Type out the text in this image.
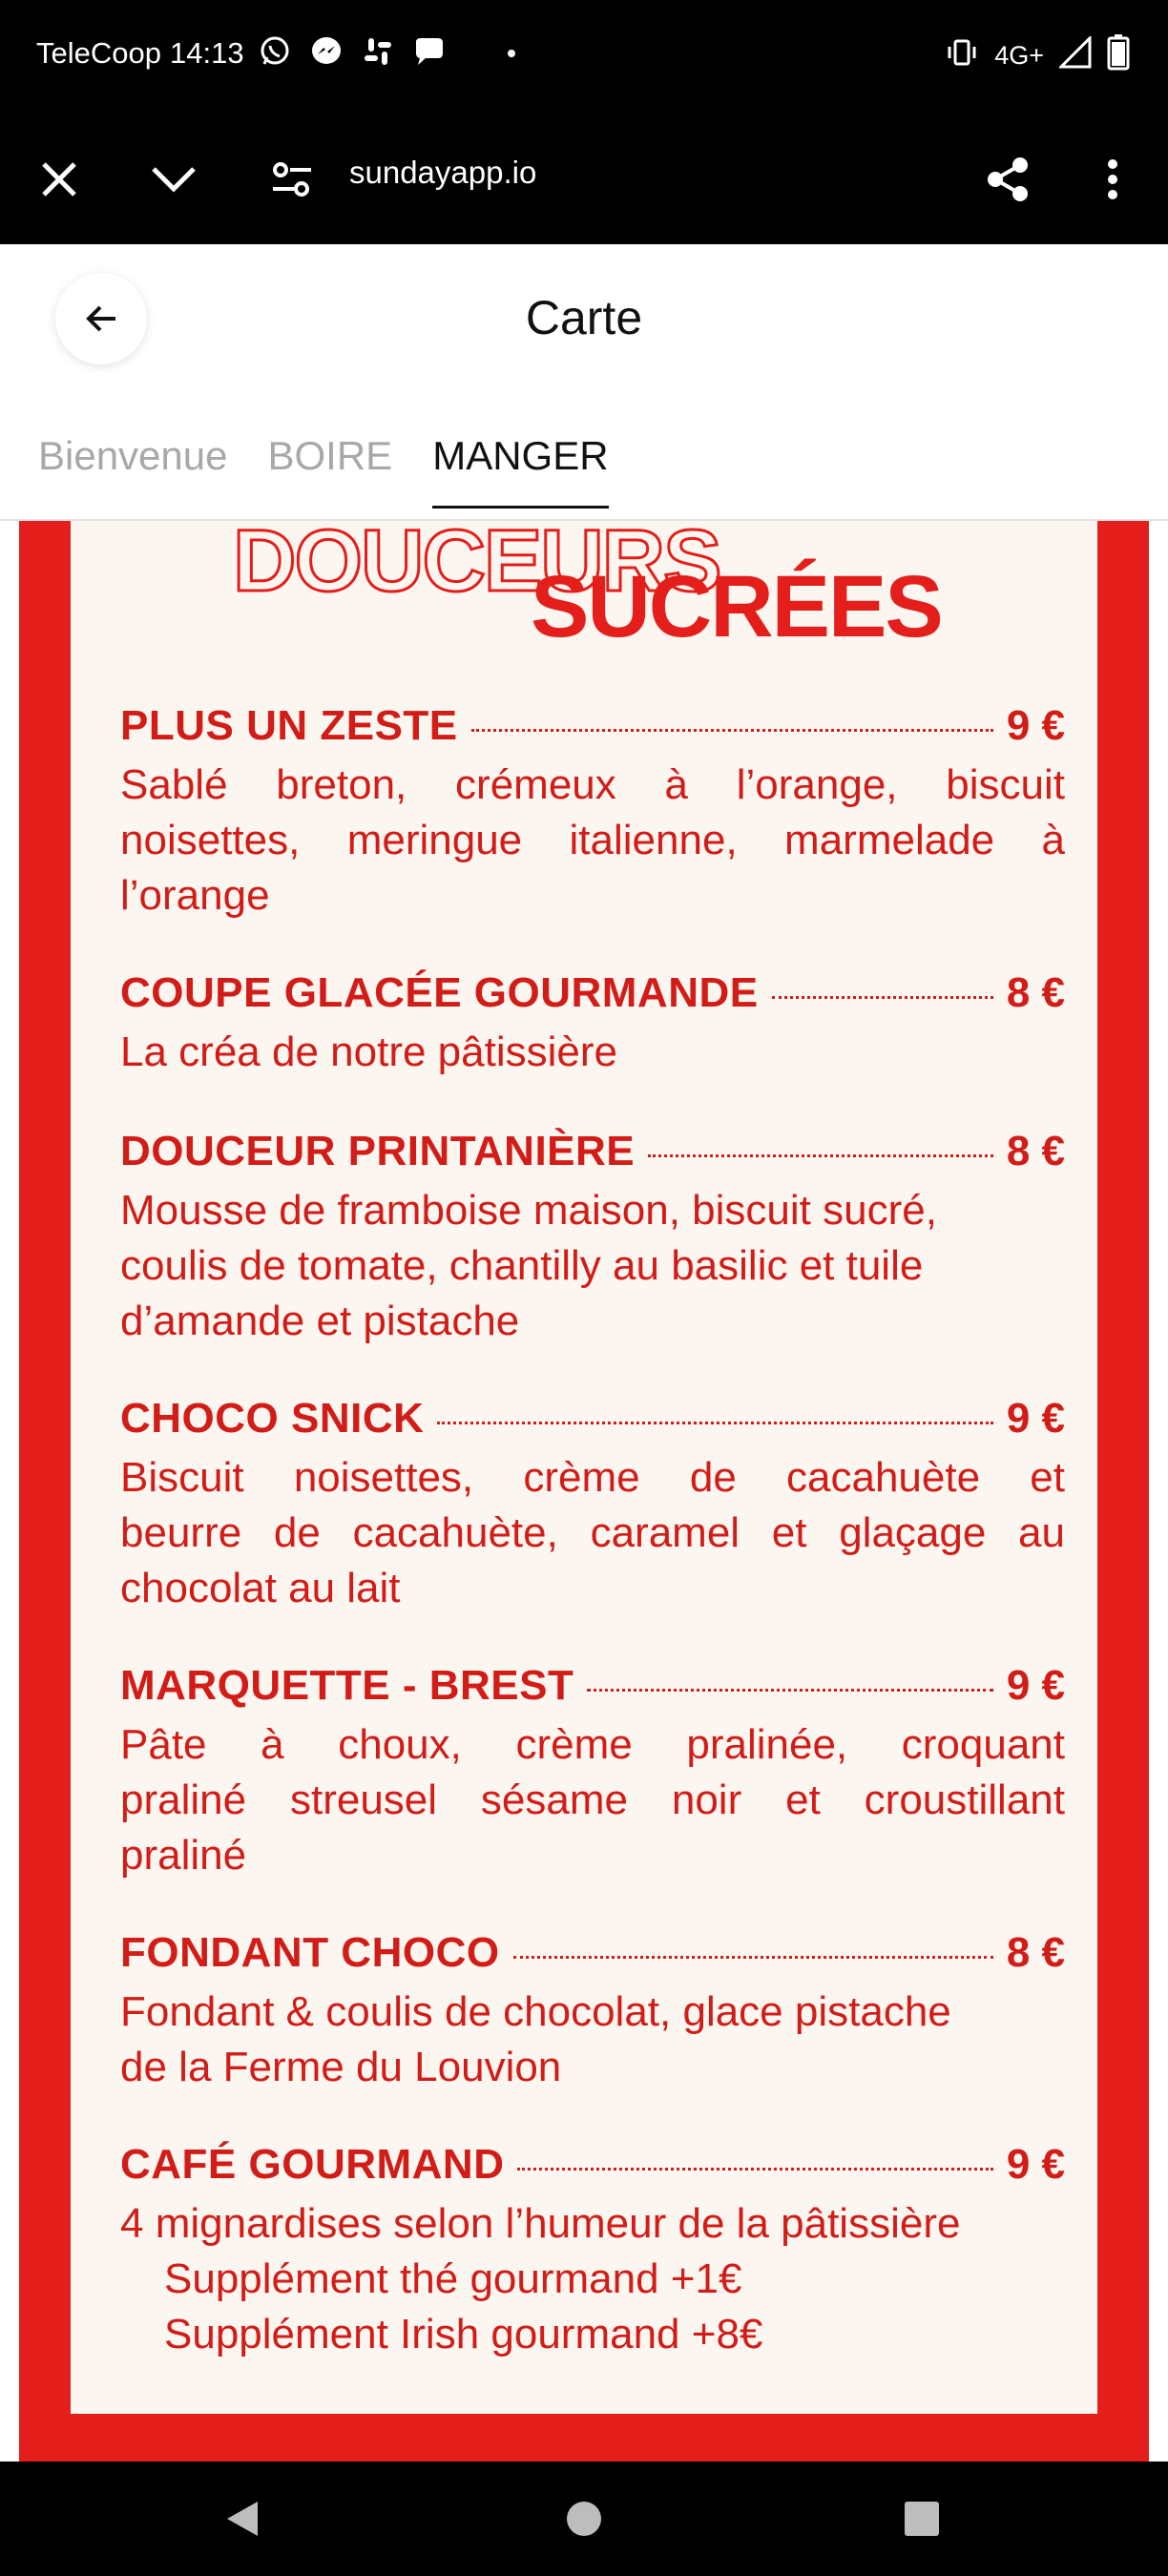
TeleCoop 14:13	4G+
sundayapp.io
Carte
Bienvenue BOIRE MANGER
DOUCEURS
SUCRÉES
PLUS UN ZESTE	9 €
Sablé breton, crémeux à l’orange, biscuit
noisettes, meringue italienne, marmelade à
l’orange
COUPE GLACÉE GOURMANDE	8 €
La créa de notre pâtissière
DOUCEUR PRINTANIÈRE	8 €
Mousse de framboise maison, biscuit sucré,
coulis de tomate, chantilly au basilic et tuile
d’amande et pistache
CHOCO SNICK	9 €
Biscuit noisettes, crème de cacahuète et
beurre de cacahuète, caramel et glaçage au
chocolat au lait
MARQUETTE - BREST	9 €
Pâte à choux, crème pralinée, croquant
praliné streusel sésame noir et croustillant
praliné
FONDANT CHOCO	8 €
Fondant & coulis de chocolat, glace pistache
de la Ferme du Louvion
CAFÉ GOURMAND	9 €
4 mignardises selon l’humeur de la pâtissière
Supplément thé gourmand +1€
Supplément Irish gourmand +8€
